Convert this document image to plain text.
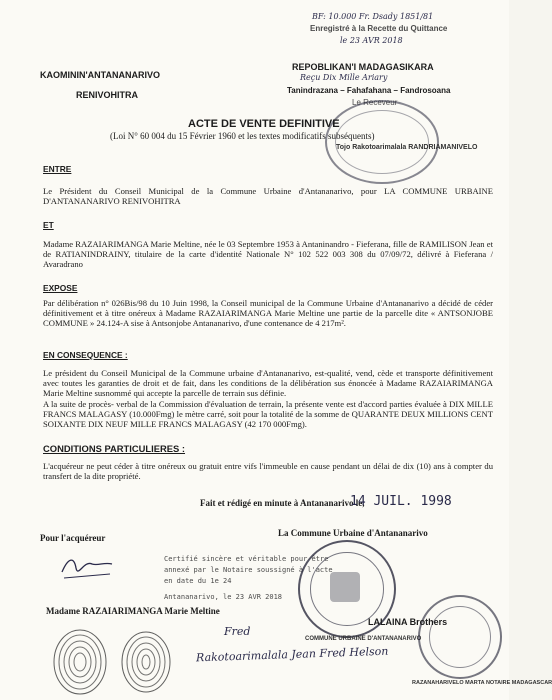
BF: 10.000 Fr. Dsady 1851/81
Enregistré à la Recette du Quittance
le 23 AVR 2018
KAOMININ'ANTANANARIVO
RENIVOHITRA
REPOBLIKAN'I MADAGASIKARA
Reçu Dix Mille Ariary
Tanindrazana – Fahafahana – Fandrosoana
Le Receveur
Tojo Rakotoarimalala RANDRIAMANIVELO
ACTE DE VENTE DEFINITIVE
(Loi N° 60 004 du 15 Février 1960 et les textes modificatifs subséquents)
ENTRE
Le Président du Conseil Municipal de la Commune Urbaine d'Antananarivo, pour LA COMMUNE URBAINE D'ANTANANARIVO RENIVOHITRA
ET
Madame RAZAIARIMANGA Marie Meltine, née le 03 Septembre 1953 à Antaninandro - Fieferana, fille de RAMILISON Jean et de RATIANINDRAINY, titulaire de la carte d'identité Nationale N° 102 522 003 308 du 07/09/72, délivré à Fieferana / Avaradrano
EXPOSE
Par délibération n° 026Bis/98 du 10 Juin 1998, la Conseil municipal de la Commune Urbaine d'Antananarivo a décidé de céder définitivement et à titre onéreux à Madame RAZAIARIMANGA Marie Meltine une partie de la parcelle dite « ANTSONJOBE COMMUNE » 24.124-A sise à Antsonjobe Antananarivo, d'une contenance de 4 217m².
EN CONSEQUENCE :
Le président du Conseil Municipal de la Commune urbaine d'Antananarivo, est-qualité, vend, cède et transporte définitivement avec toutes les garanties de droit et de fait, dans les conditions de la délibération sus énoncée à Madame RAZAIARIMANGA Marie Meltine susnommé qui accepte la parcelle de terrain sus définie.
A la suite de procès- verbal de la Commission d'évaluation de terrain, la présente vente est d'accord parties évaluée à DIX MILLE FRANCS MALAGASY (10.000Fmg) le mètre carré, soit pour la totalité de la somme de QUARANTE DEUX MILLIONS CENT SOIXANTE DIX NEUF MILLE FRANCS MALAGASY (42 170 000Fmg).
CONDITIONS PARTICULIERES :
L'acquéreur ne peut céder à titre onéreux ou gratuit entre vifs l'immeuble en cause pendant un délai de dix (10) ans à compter du transfert de la dite propriété.
Fait et rédigé en minute à Antananarivo le,
14 JUIL. 1998
Pour l'acquéreur	La Commune Urbaine d'Antananarivo
Certifié sincère et véritable pour être
annexé par le Notaire soussigné à l'acte
en date du 1e 24
Antananarivo, le 23 AVR 2018
COMMUNE URBAINE D'ANTANANARIVO
RAZANAHARIVELO MARTA NOTAIRE MADAGASCAR
Madame RAZAIARIMANGA Marie Meltine
LALAINA Brothers
Fred
Rakotoarimalala Jean Fred Helson
